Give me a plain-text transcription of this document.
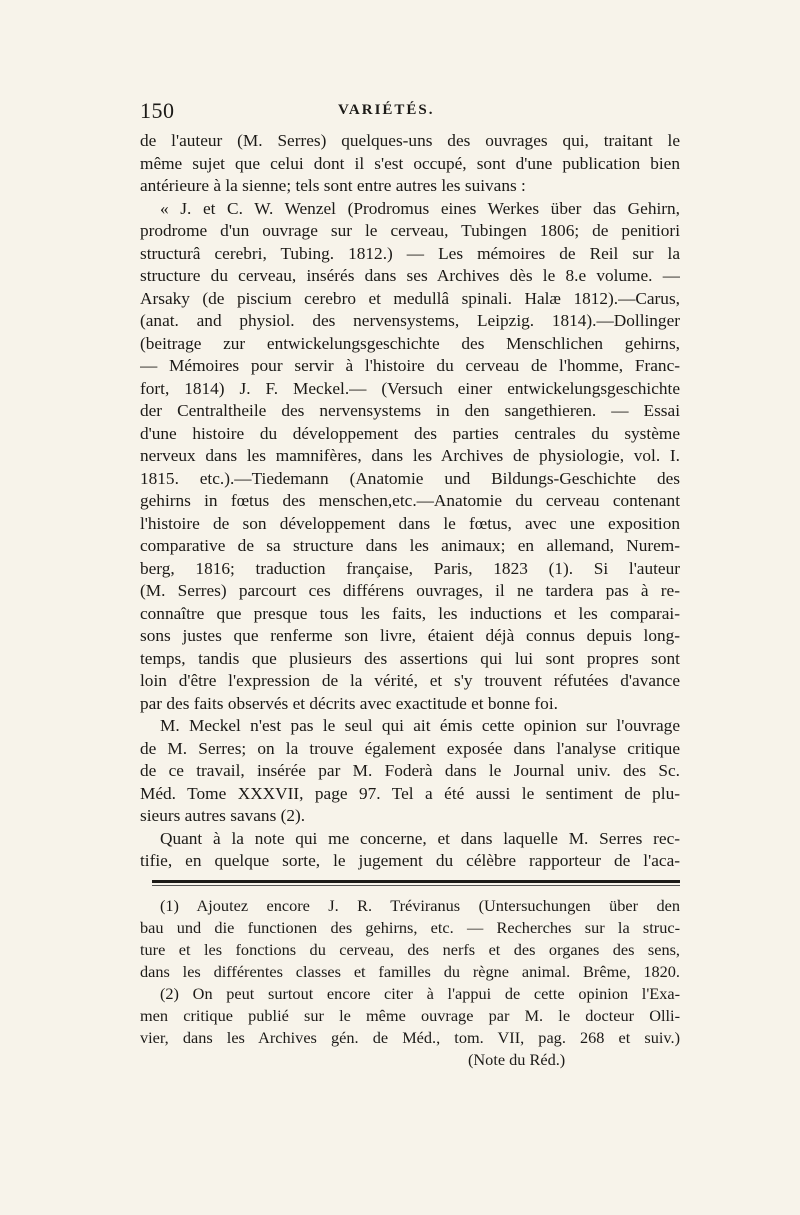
150	VARIÉTÉS.
de l'auteur (M. Serres) quelques-uns des ouvrages qui, traitant le
même sujet que celui dont il s'est occupé, sont d'une publication bien
antérieure à la sienne; tels sont entre autres les suivans :
« J. et C. W. Wenzel (Prodromus eines Werkes über das Gehirn,
prodrome d'un ouvrage sur le cerveau, Tubingen 1806; de penitiori
structurâ cerebri, Tubing. 1812.) — Les mémoires de Reil sur la
structure du cerveau, insérés dans ses Archives dès le 8.e volume. —
Arsaky (de piscium cerebro et medullâ spinali. Halæ 1812).—Carus,
(anat. and physiol. des nervensystems, Leipzig. 1814).—Dollinger
(beitrage zur entwickelungsgeschichte des Menschlichen gehirns,
— Mémoires pour servir à l'histoire du cerveau de l'homme, Franc-
fort, 1814) J. F. Meckel.— (Versuch einer entwickelungsgeschichte
der Centraltheile des nervensystems in den sangethieren. — Essai
d'une histoire du développement des parties centrales du système
nerveux dans les mamnifères, dans les Archives de physiologie, vol. I.
1815. etc.).—Tiedemann (Anatomie und Bildungs-Geschichte des
gehirns in fœtus des menschen,etc.—Anatomie du cerveau contenant
l'histoire de son développement dans le fœtus, avec une exposition
comparative de sa structure dans les animaux; en allemand, Nurem-
berg, 1816; traduction française, Paris, 1823 (1). Si l'auteur
(M. Serres) parcourt ces différens ouvrages, il ne tardera pas à re-
connaître que presque tous les faits, les inductions et les comparai-
sons justes que renferme son livre, étaient déjà connus depuis long-
temps, tandis que plusieurs des assertions qui lui sont propres sont
loin d'être l'expression de la vérité, et s'y trouvent réfutées d'avance
par des faits observés et décrits avec exactitude et bonne foi.
M. Meckel n'est pas le seul qui ait émis cette opinion sur l'ouvrage
de M. Serres; on la trouve également exposée dans l'analyse critique
de ce travail, insérée par M. Foderà dans le Journal univ. des Sc.
Méd. Tome XXXVII, page 97. Tel a été aussi le sentiment de plu-
sieurs autres savans (2).
Quant à la note qui me concerne, et dans laquelle M. Serres rec-
tifie, en quelque sorte, le jugement du célèbre rapporteur de l'aca-
(1) Ajoutez encore J. R. Tréviranus (Untersuchungen über den
bau und die functionen des gehirns, etc. — Recherches sur la struc-
ture et les fonctions du cerveau, des nerfs et des organes des sens,
dans les différentes classes et familles du règne animal. Brême, 1820.
(2) On peut surtout encore citer à l'appui de cette opinion l'Exa-
men critique publié sur le même ouvrage par M. le docteur Olli-
vier, dans les Archives gén. de Méd., tom. VII, pag. 268 et suiv.)
(Note du Réd.)
